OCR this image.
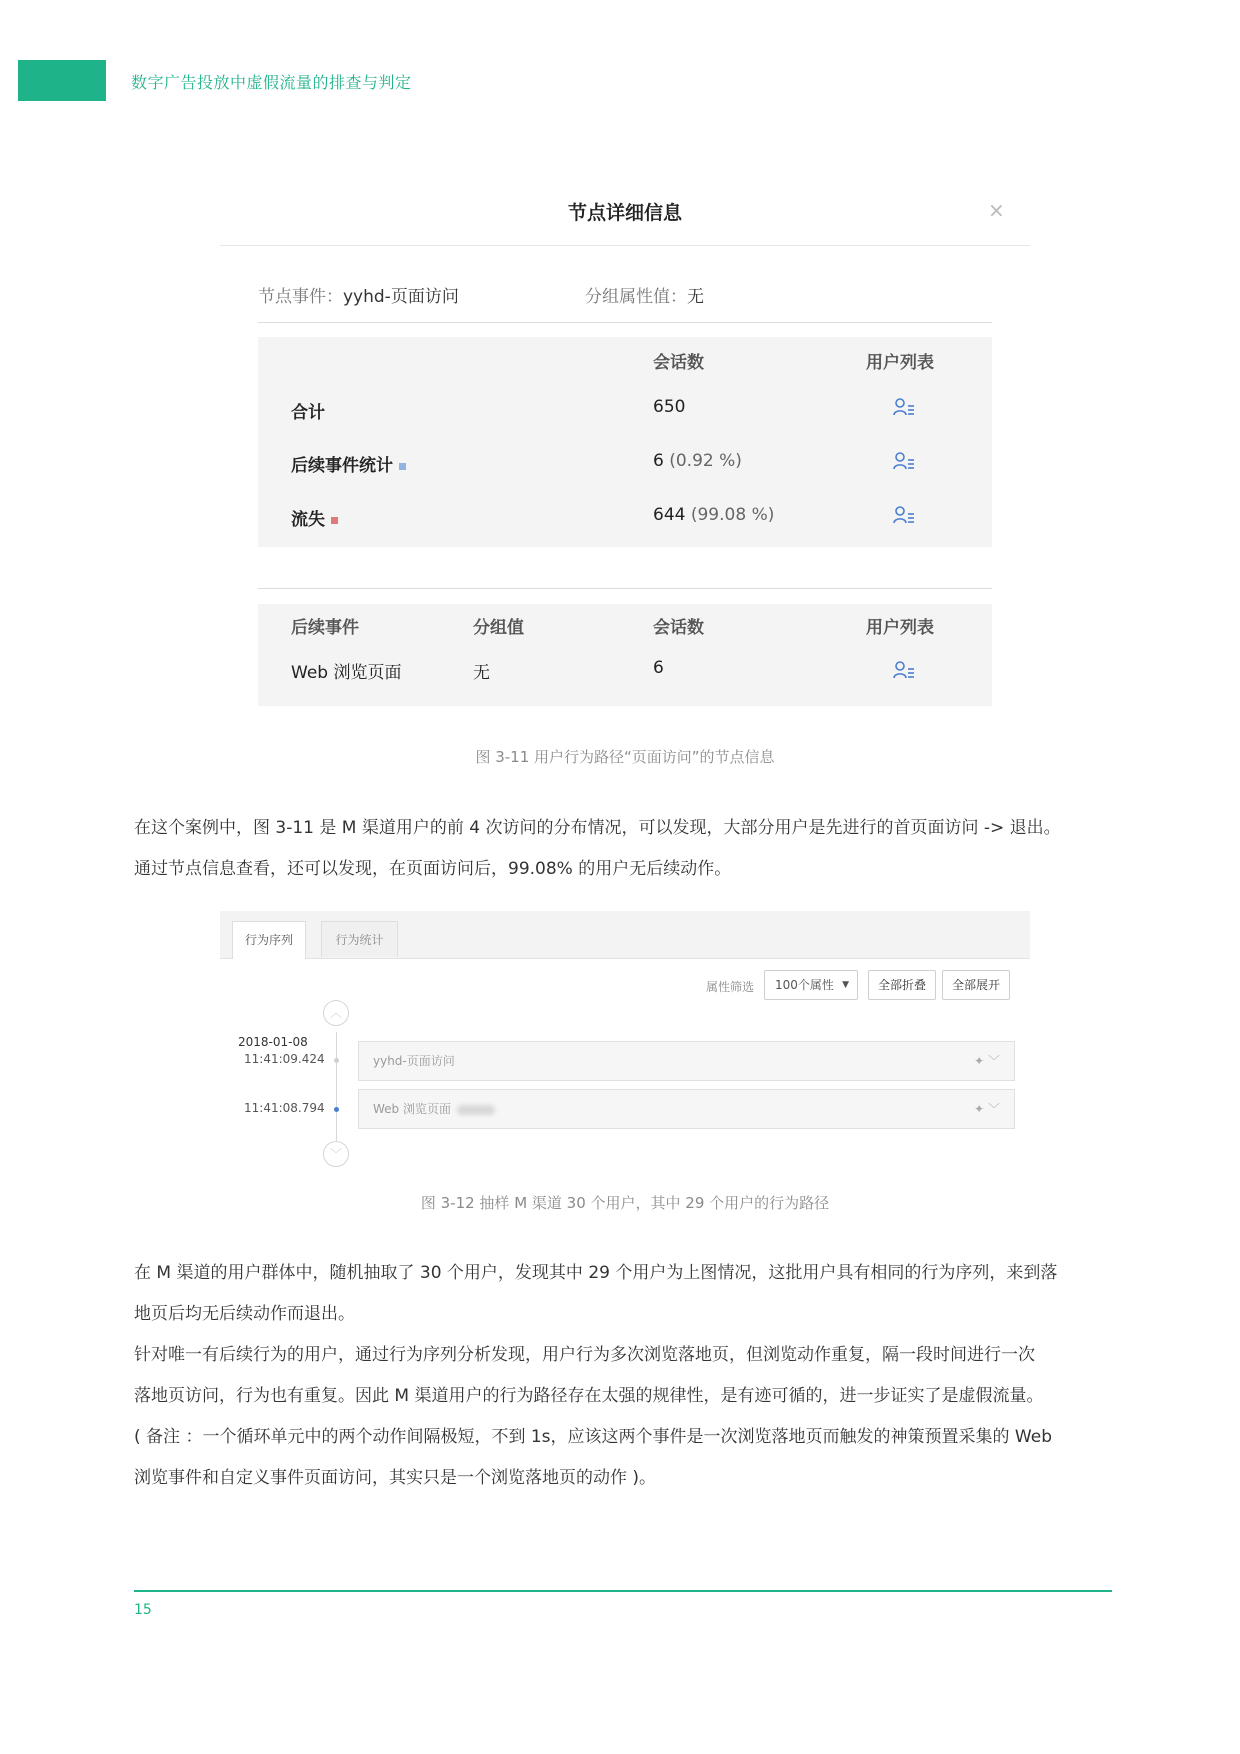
数字广告投放中虚假流量的排查与判定
节点详细信息	×
节点事件：yyhd-页面访问	分组属性值：无
会话数	用户列表
合计	650
后续事件统计	6 (0.92 %)
流失	644 (99.08 %)
后续事件	分组值	会话数	用户列表
Web 浏览页面	无	6
图 3-11 用户行为路径“页面访问”的节点信息

在这个案例中，图 3-11 是 M 渠道用户的前 4 次访问的分布情况，可以发现，大部分用户是先进行的首页面访问 -> 退出。

通过节点信息查看，还可以发现，在页面访问后，99.08% 的用户无后续动作。

行为序列	行为统计
属性筛选	100个属性 ▼	全部折叠	全部展开
︿
﹀
2018-01-08
11:41:09.424	yyhd-页面访问	✦ ﹀
11:41:08.794	Web 浏览页面	✦ ﹀
图 3-12 抽样 M 渠道 30 个用户，其中 29 个用户的行为路径

在 M 渠道的用户群体中，随机抽取了 30 个用户，发现其中 29 个用户为上图情况，这批用户具有相同的行为序列，来到落

地页后均无后续动作而退出。

针对唯一有后续行为的用户，通过行为序列分析发现，用户行为多次浏览落地页，但浏览动作重复，隔一段时间进行一次

落地页访问，行为也有重复。因此 M 渠道用户的行为路径存在太强的规律性，是有迹可循的，进一步证实了是虚假流量。

( 备注 ：一个循环单元中的两个动作间隔极短，不到 1s，应该这两个事件是一次浏览落地页而触发的神策预置采集的 Web

浏览事件和自定义事件页面访问，其实只是一个浏览落地页的动作 )。

15
